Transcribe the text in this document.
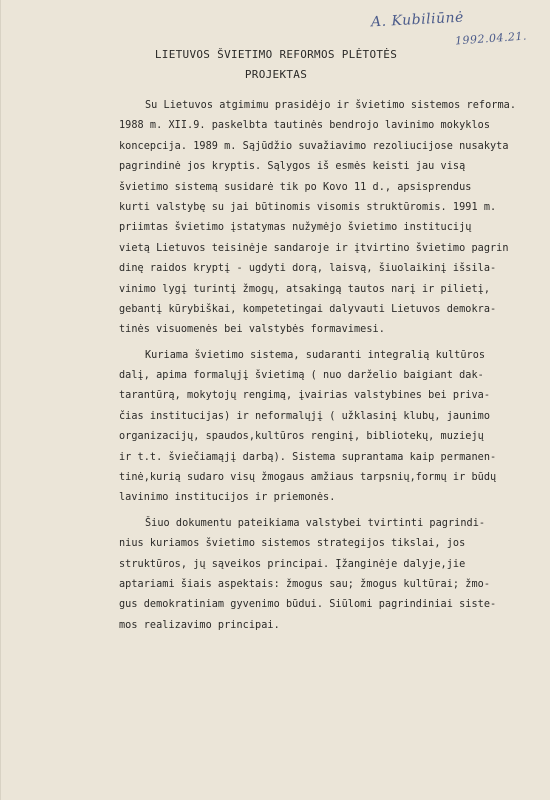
A. Kubiliūnė
1992.04.21.
LIETUVOS ŠVIETIMO REFORMOS PLĖTOTĖS
PROJEKTAS
Su Lietuvos atgimimu prasidėjo ir švietimo sistemos reforma.
1988 m. XII.9. paskelbta tautinės bendrojo lavinimo mokyklos
koncepcija. 1989 m. Sąjūdžio suvažiavimo rezoliucijose nusakyta
pagrindinė jos kryptis. Sąlygos iš esmės keisti jau visą
švietimo sistemą susidarė tik po Kovo 11 d., apsisprendus
kurti valstybę su jai būtinomis visomis struktūromis. 1991 m.
priimtas švietimo įstatymas nužymėjo švietimo institucijų
vietą Lietuvos teisinėje sandaroje ir įtvirtino švietimo pagrin
dinę raidos kryptį - ugdyti dorą, laisvą, šiuolaikinį išsila-
vinimo lygį turintį žmogų, atsakingą tautos narį ir pilietį,
gebantį kūrybiškai, kompetetingai dalyvauti Lietuvos demokra-
tinės visuomenės bei valstybės formavimesi.
Kuriama švietimo sistema, sudaranti integralią kultūros
dalį, apima formalųjį švietimą ( nuo darželio baigiant dak-
tarantūrą, mokytojų rengimą, įvairias valstybines bei priva-
čias institucijas) ir neformalųjį ( užklasinį klubų, jaunimo
organizacijų, spaudos,kultūros renginį, bibliotekų, muziejų
ir t.t. šviečiamąjį darbą). Sistema suprantama kaip permanen-
tinė,kurią sudaro visų žmogaus amžiaus tarpsnių,formų ir būdų
lavinimo institucijos ir priemonės.
Šiuo dokumentu pateikiama valstybei tvirtinti pagrindi-
nius kuriamos švietimo sistemos strategijos tikslai, jos
struktūros, jų sąveikos principai. Įžanginėje dalyje,jie
aptariami šiais aspektais: žmogus sau; žmogus kultūrai; žmo-
gus demokratiniam gyvenimo būdui. Siūlomi pagrindiniai siste-
mos realizavimo principai.
